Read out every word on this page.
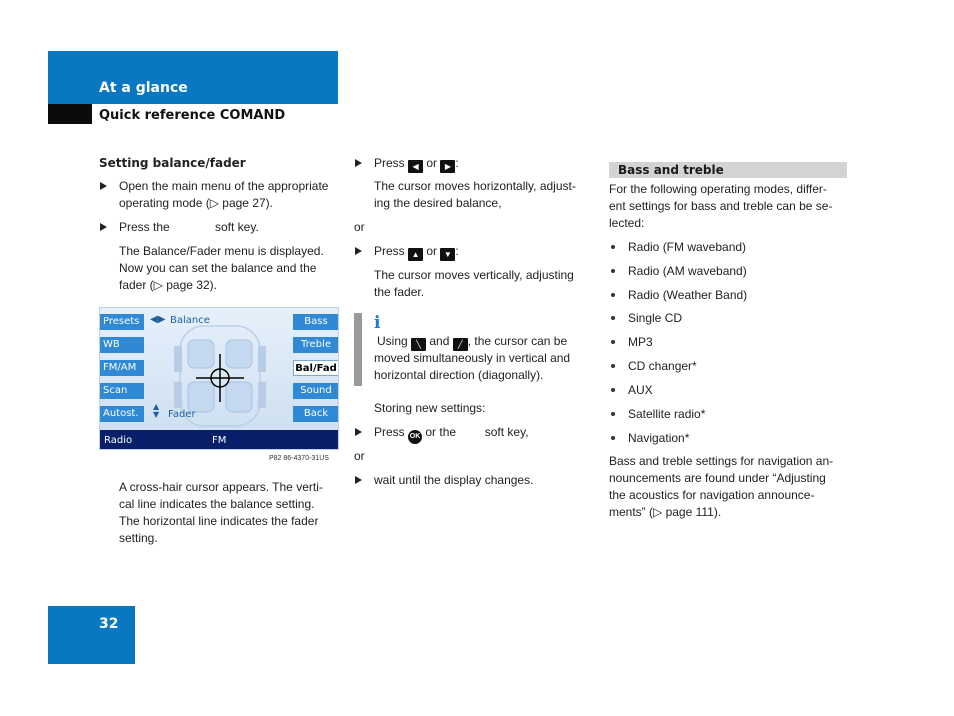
At a glance
Quick reference COMAND
Setting balance/fader
Open the main menu of the appropriate
operating mode (▷ page 27).
Press the	soft key.
The Balance/Fader menu is displayed.
Now you can set the balance and the
fader (▷ page 32).
Presets
WB
FM/AM
Scan
Autost.
Bass
Treble
Bal/Fad
Sound
Back
◀▶ Balance
▲
▼ Fader
Radio	FM
P82 86-4370-31US
A cross-hair cursor appears. The verti-
cal line indicates the balance setting.
The horizontal line indicates the fader
setting.
Press ◀ or ▶ :
The cursor moves horizontally, adjust-
ing the desired balance,
or
Press ▲ or ▼ :
The cursor moves vertically, adjusting
the fader.
i
Using ╲ and ╱ , the cursor can be
moved simultaneously in vertical and
horizontal direction (diagonally).
Storing new settings:
Press OK or the soft key,
or
wait until the display changes.
Bass and treble
For the following operating modes, differ-
ent settings for bass and treble can be se-
lected:
Radio (FM waveband)
Radio (AM waveband)
Radio (Weather Band)
Single CD
MP3
CD changer*
AUX
Satellite radio*
Navigation*
Bass and treble settings for navigation an-
nouncements are found under “Adjusting
the acoustics for navigation announce-
ments” (▷ page 111).
32
